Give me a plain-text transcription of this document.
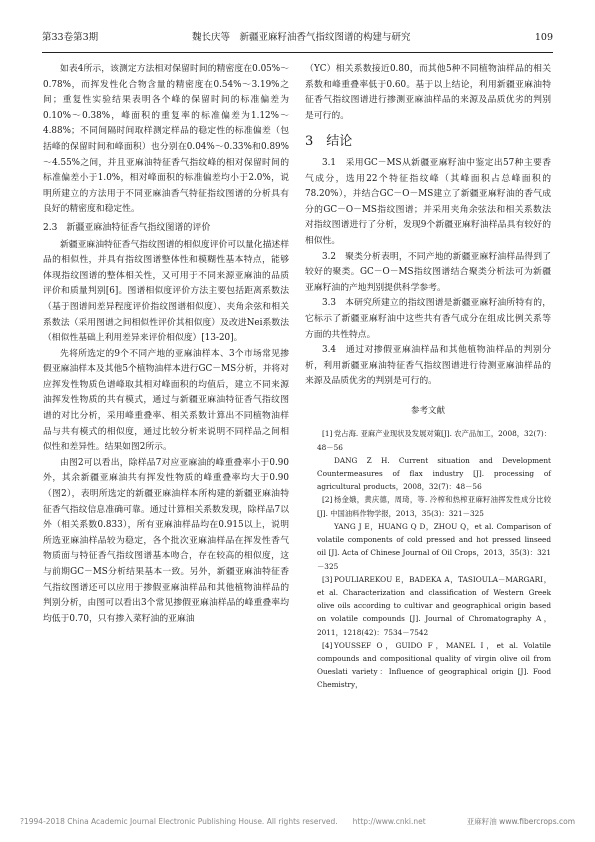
第33卷第3期	魏长庆等　新疆亚麻籽油香气指纹图谱的构建与研究	109

如表4所示，该测定方法相对保留时间的精密度在0.05%～0.78%，而挥发性化合物含量的精密度在0.54%～3.19%之间；重复性实验结果表明各个峰的保留时间的标准偏差为0.10%～0.38%，峰面积的重复率的标准偏差为1.12%～4.88%；不同间隔时间取样测定样品的稳定性的标准偏差（包括峰的保留时间和峰面积）也分别在0.04%～0.33%和0.89%～4.55%之间，并且亚麻油特征香气指纹峰的相对保留时间的标准偏差小于1.0%，相对峰面积的标准偏差均小于2.0%，说明所建立的方法用于不同亚麻油香气特征指纹图谱的分析具有良好的精密度和稳定性。

2.3　新疆亚麻油特征香气指纹图谱的评价

新疆亚麻油特征香气指纹图谱的相似度评价可以量化描述样品的相似性，并具有指纹图谱整体性和模糊性基本特点，能够体现指纹图谱的整体相关性，又可用于不同来源亚麻油的品质评价和质量判别[6]。图谱相似度评价方法主要包括距离系数法（基于图谱间差异程度评价指纹图谱相似度）、夹角余弦和相关系数法（采用图谱之间相似性评价其相似度）及改进Nei系数法（相似性基础上利用差异来评价相似度）[13-20]。

先将所选定的9个不同产地的亚麻油样本、3个市场常见掺假亚麻油样本及其他5个植物油样本进行GC－MS分析，并将对应挥发性物质色谱峰取其相对峰面积的均值后，建立不同来源油挥发性物质的共有模式，通过与新疆亚麻油特征香气指纹图谱的对比分析，采用峰重叠率、相关系数计算出不同植物油样品与共有模式的相似度，通过比较分析来说明不同样品之间相似性和差异性。结果如图2所示。

由图2可以看出，除样品7对应亚麻油的峰重叠率小于0.90外，其余新疆亚麻油共有挥发性物质的峰重叠率均大于0.90（图2），表明所选定的新疆亚麻油样本所构建的新疆亚麻油特征香气指纹信息准确可靠。通过计算相关系数发现，除样品7以外（相关系数0.833），所有亚麻油样品均在0.915以上，说明所选亚麻油样品较为稳定，各个批次亚麻油样品在挥发性香气物质面与特征香气指纹图谱基本吻合，存在较高的相似度，这与前期GC－MS分析结果基本一致。另外，新疆亚麻油特征香气指纹图谱还可以应用于掺假亚麻油样品和其他植物油样品的判别分析，由图可以看出3个常见掺假亚麻油样品的峰重叠率均均低于0.70，只有掺入菜籽油的亚麻油

（YC）相关系数接近0.80，而其他5种不同植物油样品的相关系数和峰重叠率低于0.60。基于以上结论，利用新疆亚麻油特征香气指纹图谱进行掺测亚麻油样品的来源及品质优劣的判别是可行的。

3　结论

3.1　采用GC－MS从新疆亚麻籽油中鉴定出57种主要香气成分，选用22个特征指纹峰（其峰面积占总峰面积的78.20%），并结合GC－O－MS建立了新疆亚麻籽油的香气成分的GC－O－MS指纹图谱；并采用夹角余弦法和相关系数法对指纹图谱进行了分析，发现9个新疆亚麻籽油样品具有较好的相似性。

3.2　聚类分析表明，不同产地的新疆亚麻籽油样品得到了较好的聚类。GC－O－MS指纹图谱结合聚类分析法可为新疆亚麻籽油的产地判别提供科学参考。

3.3　本研究所建立的指纹图谱是新疆亚麻籽油所特有的，它标示了新疆亚麻籽油中这些共有香气成分在组成比例关系等方面的共性特点。

3.4　通过对掺假亚麻油样品和其他植物油样品的判别分析，利用新疆亚麻油特征香气指纹图谱进行待测亚麻油样品的来源及品质优劣的判别是可行的。

参考文献

[1] 党占海. 亚麻产业现状及发展对策[J]. 农产品加工，2008，32(7)：48－56

DANG Z H. Current situation and Development Countermeasures of flax industry [J]. processing of agricultural products，2008，32(7)：48－56

[2] 杨金娥，黄庆德，周琦，等. 冷榨和热榨亚麻籽油挥发性成分比较[J]. 中国油料作物学报，2013，35(3)：321－325

YANG J E，HUANG Q D，ZHOU Q，et al. Comparison of volatile components of cold pressed and hot pressed linseed oil [J]. Acta of Chinese Journal of Oil Crops，2013，35(3)：321－325

[3] POULIAREKOU E，BADEKA A，TASIOULA－MARGARI，et al. Characterization and classification of Western Greek olive oils according to cultivar and geographical origin based on volatile compounds [J]. Journal of Chromatography A，2011，1218(42)：7534－7542

[4] YOUSSEF O，GUIDO F，MANEL I，et al. Volatile compounds and compositional quality of virgin olive oil from Oueslati variety：Influence of geographical origin [J]. Food Chemistry，

?1994-2018 China Academic Journal Electronic Publishing House. All rights reserved.　　http://www.cnki.net	亚麻籽油 www.fibercrops.com
